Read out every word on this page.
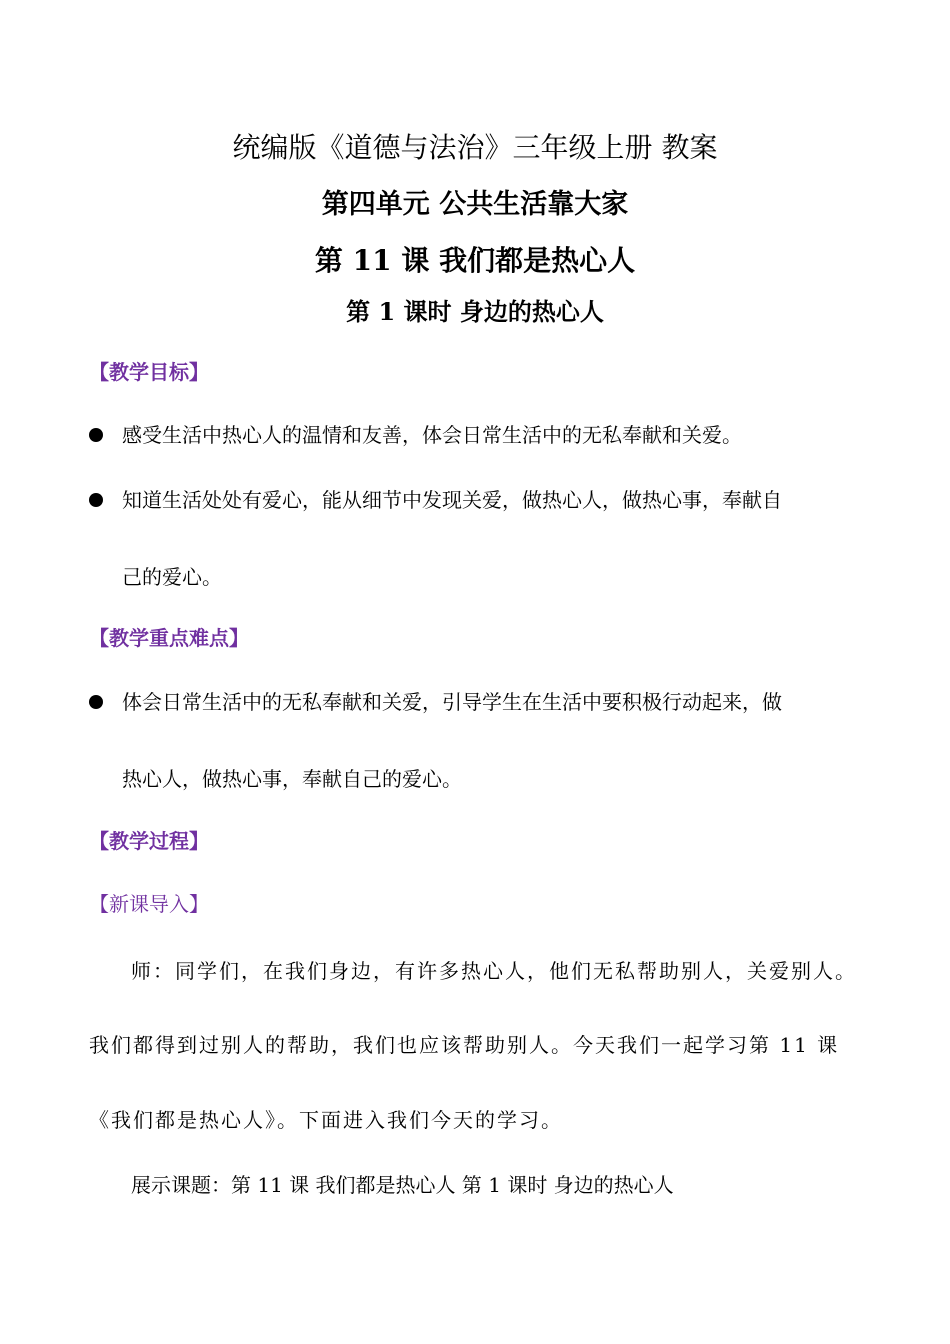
统编版《道德与法治》三年级上册 教案
第四单元 公共生活靠大家
第 11 课 我们都是热心人
第 1 课时 身边的热心人
【教学目标】
感受生活中热心人的温情和友善，体会日常生活中的无私奉献和关爱。
知道生活处处有爱心，能从细节中发现关爱，做热心人，做热心事，奉献自
己的爱心。
【教学重点难点】
体会日常生活中的无私奉献和关爱，引导学生在生活中要积极行动起来，做
热心人，做热心事，奉献自己的爱心。
【教学过程】
【新课导入】
师：同学们，在我们身边，有许多热心人，他们无私帮助别人，关爱别人。
我们都得到过别人的帮助，我们也应该帮助别人。今天我们一起学习第 11 课
《我们都是热心人》。下面进入我们今天的学习。
展示课题：第 11 课 我们都是热心人 第 1 课时 身边的热心人
